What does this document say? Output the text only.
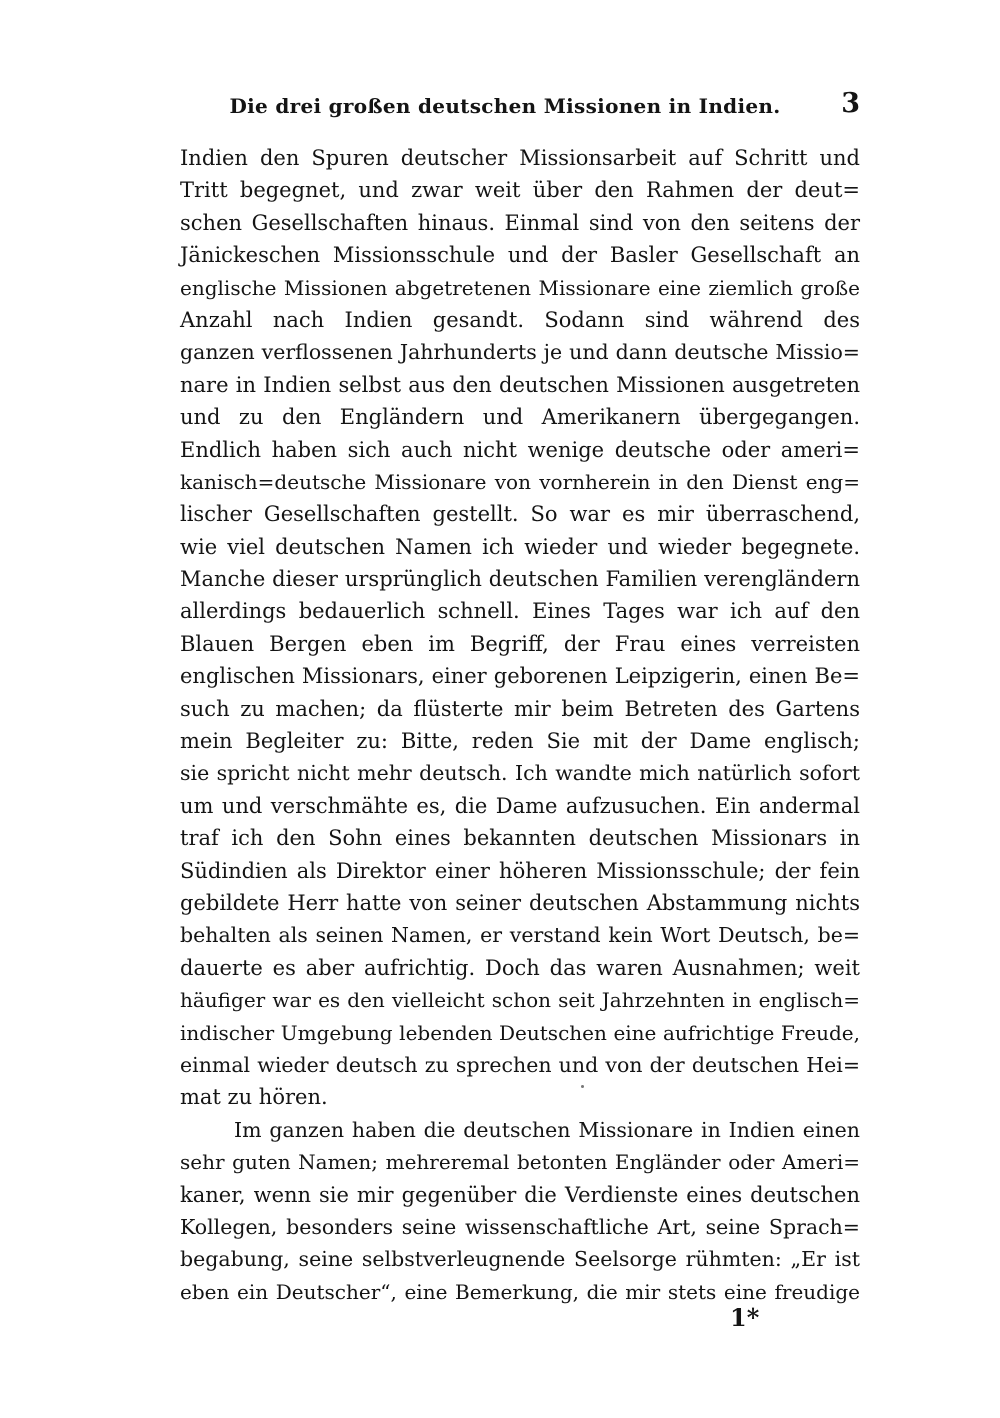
Die drei großen deutschen Missionen in Indien.	3
Indien den Spuren deutscher Missionsarbeit auf Schritt und
Tritt begegnet, und zwar weit über den Rahmen der deut=
schen Gesellschaften hinaus. Einmal sind von den seitens der
Jänickeschen Missionsschule und der Basler Gesellschaft an
englische Missionen abgetretenen Missionare eine ziemlich große
Anzahl nach Indien gesandt. Sodann sind während des
ganzen verflossenen Jahrhunderts je und dann deutsche Missio=
nare in Indien selbst aus den deutschen Missionen ausgetreten
und zu den Engländern und Amerikanern übergegangen.
Endlich haben sich auch nicht wenige deutsche oder ameri=
kanisch=deutsche Missionare von vornherein in den Dienst eng=
lischer Gesellschaften gestellt. So war es mir überraschend,
wie viel deutschen Namen ich wieder und wieder begegnete.
Manche dieser ursprünglich deutschen Familien verengländern
allerdings bedauerlich schnell. Eines Tages war ich auf den
Blauen Bergen eben im Begriff, der Frau eines verreisten
englischen Missionars, einer geborenen Leipzigerin, einen Be=
such zu machen; da flüsterte mir beim Betreten des Gartens
mein Begleiter zu: Bitte, reden Sie mit der Dame englisch;
sie spricht nicht mehr deutsch. Ich wandte mich natürlich sofort
um und verschmähte es, die Dame aufzusuchen. Ein andermal
traf ich den Sohn eines bekannten deutschen Missionars in
Südindien als Direktor einer höheren Missionsschule; der fein
gebildete Herr hatte von seiner deutschen Abstammung nichts
behalten als seinen Namen, er verstand kein Wort Deutsch, be=
dauerte es aber aufrichtig. Doch das waren Ausnahmen; weit
häufiger war es den vielleicht schon seit Jahrzehnten in englisch=
indischer Umgebung lebenden Deutschen eine aufrichtige Freude,
einmal wieder deutsch zu sprechen und von der deutschen Hei=
mat zu hören.
Im ganzen haben die deutschen Missionare in Indien einen
sehr guten Namen; mehreremal betonten Engländer oder Ameri=
kaner, wenn sie mir gegenüber die Verdienste eines deutschen
Kollegen, besonders seine wissenschaftliche Art, seine Sprach=
begabung, seine selbstverleugnende Seelsorge rühmten: „Er ist
eben ein Deutscher“, eine Bemerkung, die mir stets eine freudige
1*
